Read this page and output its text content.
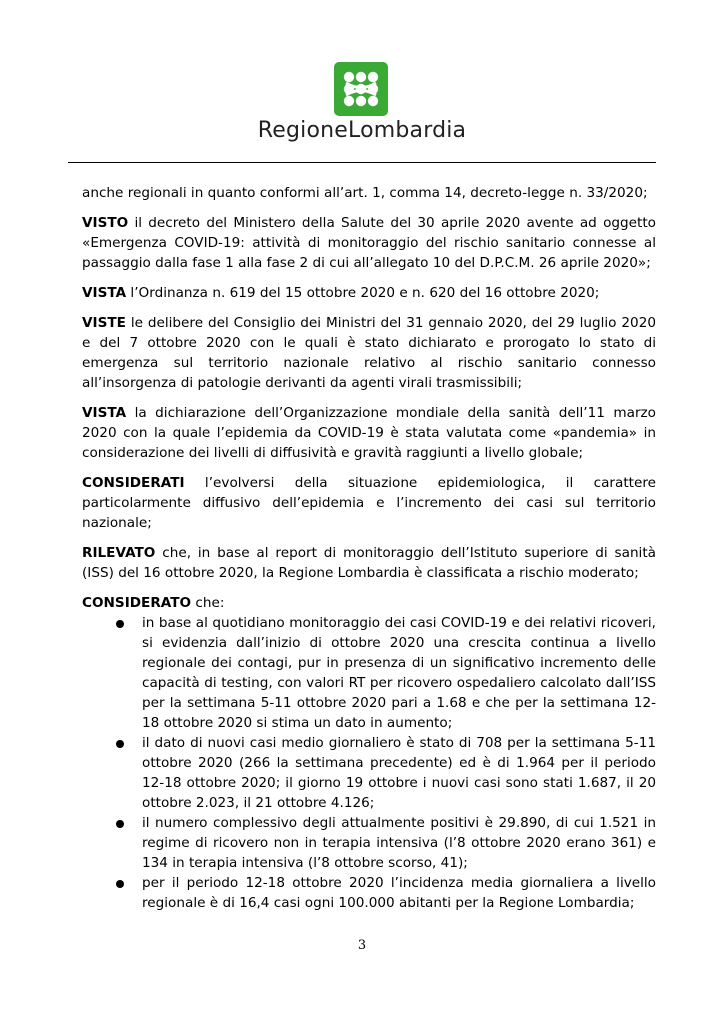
RegioneLombardia

anche regionali in quanto conformi all’art. 1, comma 14, decreto-legge n. 33/2020;

VISTO il decreto del Ministero della Salute del 30 aprile 2020 avente ad oggetto «Emergenza COVID-19: attività di monitoraggio del rischio sanitario connesse al passaggio dalla fase 1 alla fase 2 di cui all’allegato 10 del D.P.C.M. 26 aprile 2020»;

VISTA l’Ordinanza n. 619 del 15 ottobre 2020 e n. 620 del 16 ottobre 2020;

VISTE le delibere del Consiglio dei Ministri del 31 gennaio 2020, del 29 luglio 2020 e del 7 ottobre 2020 con le quali è stato dichiarato e prorogato lo stato di emergenza sul territorio nazionale relativo al rischio sanitario connesso all’insorgenza di patologie derivanti da agenti virali trasmissibili;

VISTA la dichiarazione dell’Organizzazione mondiale della sanità dell’11 marzo 2020 con la quale l’epidemia da COVID-19 è stata valutata come «pandemia» in considerazione dei livelli di diffusività e gravità raggiunti a livello globale;

CONSIDERATI l’evolversi della situazione epidemiologica, il carattere particolarmente diffusivo dell’epidemia e l’incremento dei casi sul territorio nazionale;

RILEVATO che, in base al report di monitoraggio dell’Istituto superiore di sanità (ISS) del 16 ottobre 2020, la Regione Lombardia è classificata a rischio moderato;

CONSIDERATO che:

in base al quotidiano monitoraggio dei casi COVID-19 e dei relativi ricoveri, si evidenzia dall’inizio di ottobre 2020 una crescita continua a livello regionale dei contagi, pur in presenza di un significativo incremento delle capacità di testing, con valori RT per ricovero ospedaliero calcolato dall’ISS per la settimana 5-11 ottobre 2020 pari a 1.68 e che per la settimana 12- 18 ottobre 2020 si stima un dato in aumento;
il dato di nuovi casi medio giornaliero è stato di 708 per la settimana 5-11 ottobre 2020 (266 la settimana precedente) ed è di 1.964 per il periodo 12-18 ottobre 2020; il giorno 19 ottobre i nuovi casi sono stati 1.687, il 20 ottobre 2.023, il 21 ottobre 4.126;
il numero complessivo degli attualmente positivi è 29.890, di cui 1.521 in regime di ricovero non in terapia intensiva (l’8 ottobre 2020 erano 361) e 134 in terapia intensiva (l’8 ottobre scorso, 41);
per il periodo 12-18 ottobre 2020 l’incidenza media giornaliera a livello regionale è di 16,4 casi ogni 100.000 abitanti per la Regione Lombardia;
3
